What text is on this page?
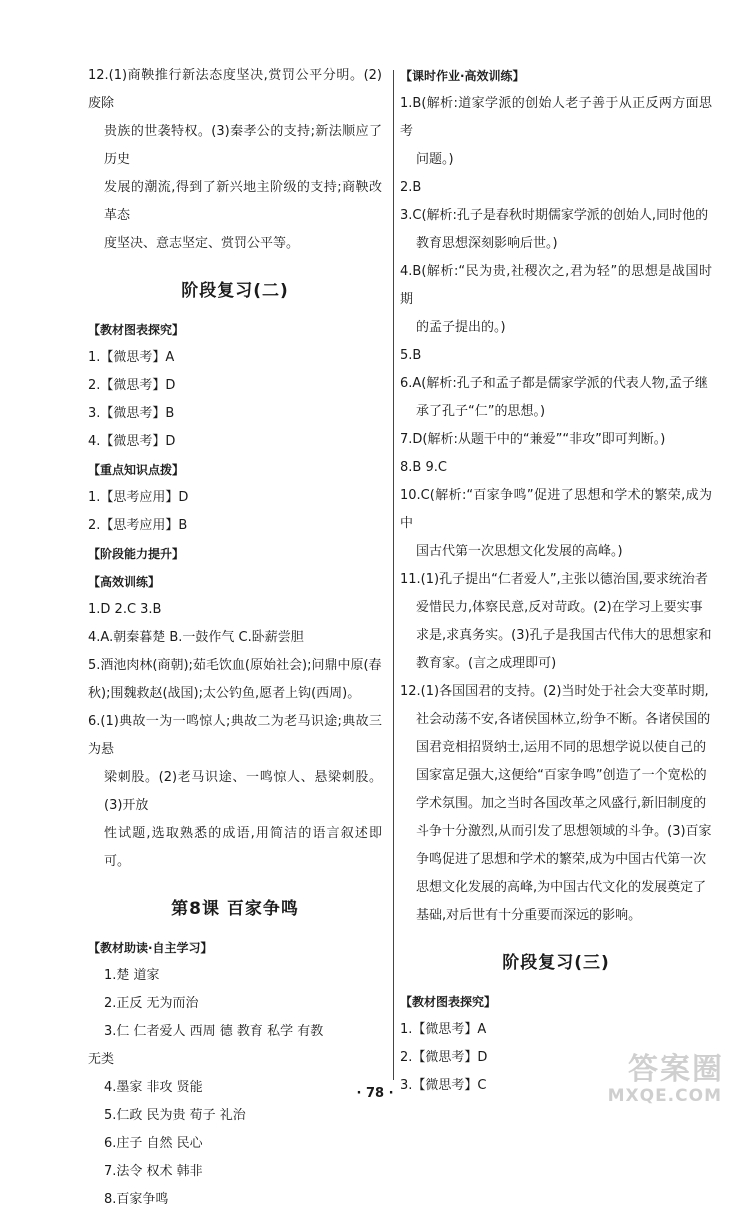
12.(1)商鞅推行新法态度坚决,赏罚公平分明。(2)废除
贵族的世袭特权。(3)秦孝公的支持;新法顺应了历史
发展的潮流,得到了新兴地主阶级的支持;商鞅改革态
度坚决、意志坚定、赏罚公平等。
阶段复习(二)
【教材图表探究】
1.【微思考】A
2.【微思考】D
3.【微思考】B
4.【微思考】D
【重点知识点拨】
1.【思考应用】D
2.【思考应用】B
【阶段能力提升】
【高效训练】
1.D 2.C 3.B
4.A.朝秦暮楚 B.一鼓作气 C.卧薪尝胆
5.酒池肉林(商朝);茹毛饮血(原始社会);问鼎中原(春
秋);围魏救赵(战国);太公钓鱼,愿者上钩(西周)。
6.(1)典故一为一鸣惊人;典故二为老马识途;典故三为悬
梁刺股。(2)老马识途、一鸣惊人、悬梁刺股。(3)开放
性试题,选取熟悉的成语,用简洁的语言叙述即可。
第8课 百家争鸣
【教材助读·自主学习】
1.楚 道家
2.正反 无为而治
3.仁 仁者爱人 西周 德 教育 私学 有教
无类
4.墨家 非攻 贤能
5.仁政 民为贵 荀子 礼治
6.庄子 自然 民心
7.法令 权术 韩非
8.百家争鸣
【课时作业·高效训练】
1.B(解析:道家学派的创始人老子善于从正反两方面思考
问题。)
2.B
3.C(解析:孔子是春秋时期儒家学派的创始人,同时他的
教育思想深刻影响后世。)
4.B(解析:“民为贵,社稷次之,君为轻”的思想是战国时期
的孟子提出的。)
5.B
6.A(解析:孔子和孟子都是儒家学派的代表人物,孟子继
承了孔子“仁”的思想。)
7.D(解析:从题干中的“兼爱”“非攻”即可判断。)
8.B 9.C
10.C(解析:“百家争鸣”促进了思想和学术的繁荣,成为中
国古代第一次思想文化发展的高峰。)
11.(1)孔子提出“仁者爱人”,主张以德治国,要求统治者
爱惜民力,体察民意,反对苛政。(2)在学习上要实事
求是,求真务实。(3)孔子是我国古代伟大的思想家和
教育家。(言之成理即可)
12.(1)各国国君的支持。(2)当时处于社会大变革时期,
社会动荡不安,各诸侯国林立,纷争不断。各诸侯国的
国君竞相招贤纳士,运用不同的思想学说以使自己的
国家富足强大,这便给“百家争鸣”创造了一个宽松的
学术氛围。加之当时各国改革之风盛行,新旧制度的
斗争十分激烈,从而引发了思想领域的斗争。(3)百家
争鸣促进了思想和学术的繁荣,成为中国古代第一次
思想文化发展的高峰,为中国古代文化的发展奠定了
基础,对后世有十分重要而深远的影响。
阶段复习(三)
【教材图表探究】
1.【微思考】A
2.【微思考】D
3.【微思考】C
· 78 ·
答案圈
MXQE.COM
